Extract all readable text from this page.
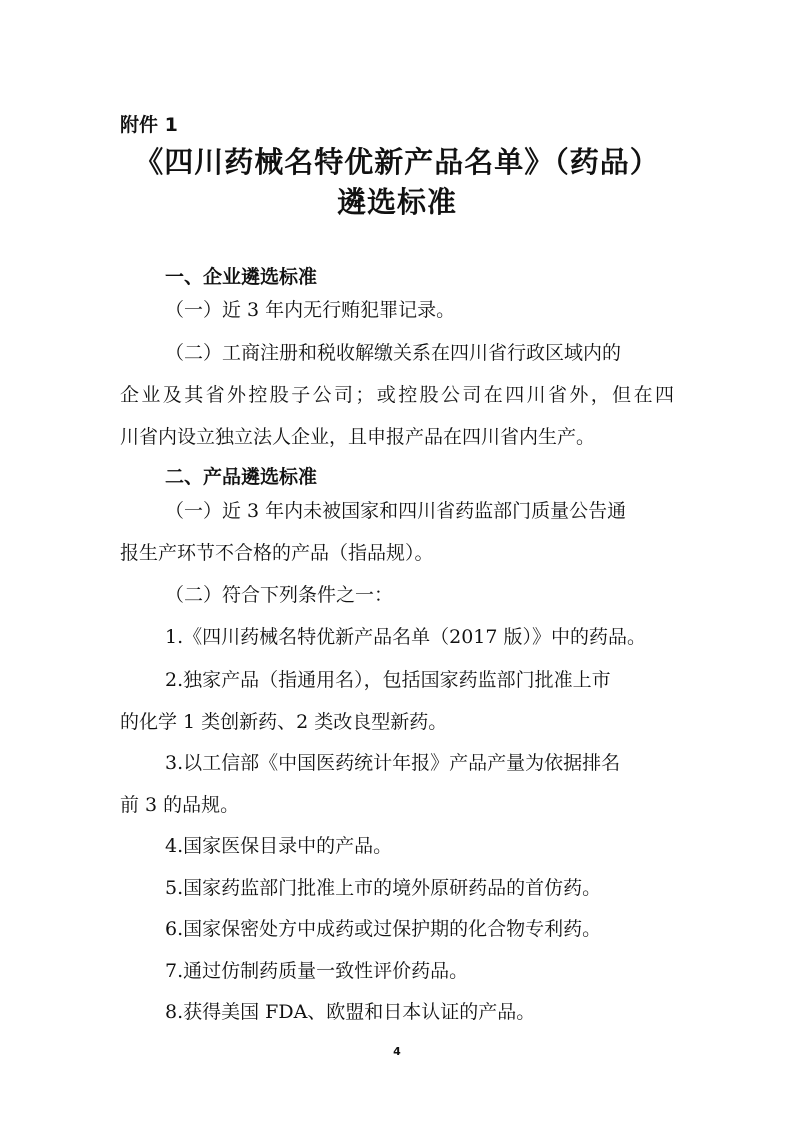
附件 1
《四川药械名特优新产品名单》（药品）
遴选标准
一、企业遴选标准
（一）近 3 年内无行贿犯罪记录。
（二）工商注册和税收解缴关系在四川省行政区域内的
企业及其省外控股子公司；或控股公司在四川省外，但在四
川省内设立独立法人企业，且申报产品在四川省内生产。
二、产品遴选标准
（一）近 3 年内未被国家和四川省药监部门质量公告通
报生产环节不合格的产品（指品规）。
（二）符合下列条件之一：
1.《四川药械名特优新产品名单（2017 版）》中的药品。
2.独家产品（指通用名），包括国家药监部门批准上市
的化学 1 类创新药、2 类改良型新药。
3.以工信部《中国医药统计年报》产品产量为依据排名
前 3 的品规。
4.国家医保目录中的产品。
5.国家药监部门批准上市的境外原研药品的首仿药。
6.国家保密处方中成药或过保护期的化合物专利药。
7.通过仿制药质量一致性评价药品。
8.获得美国 FDA、欧盟和日本认证的产品。
4
